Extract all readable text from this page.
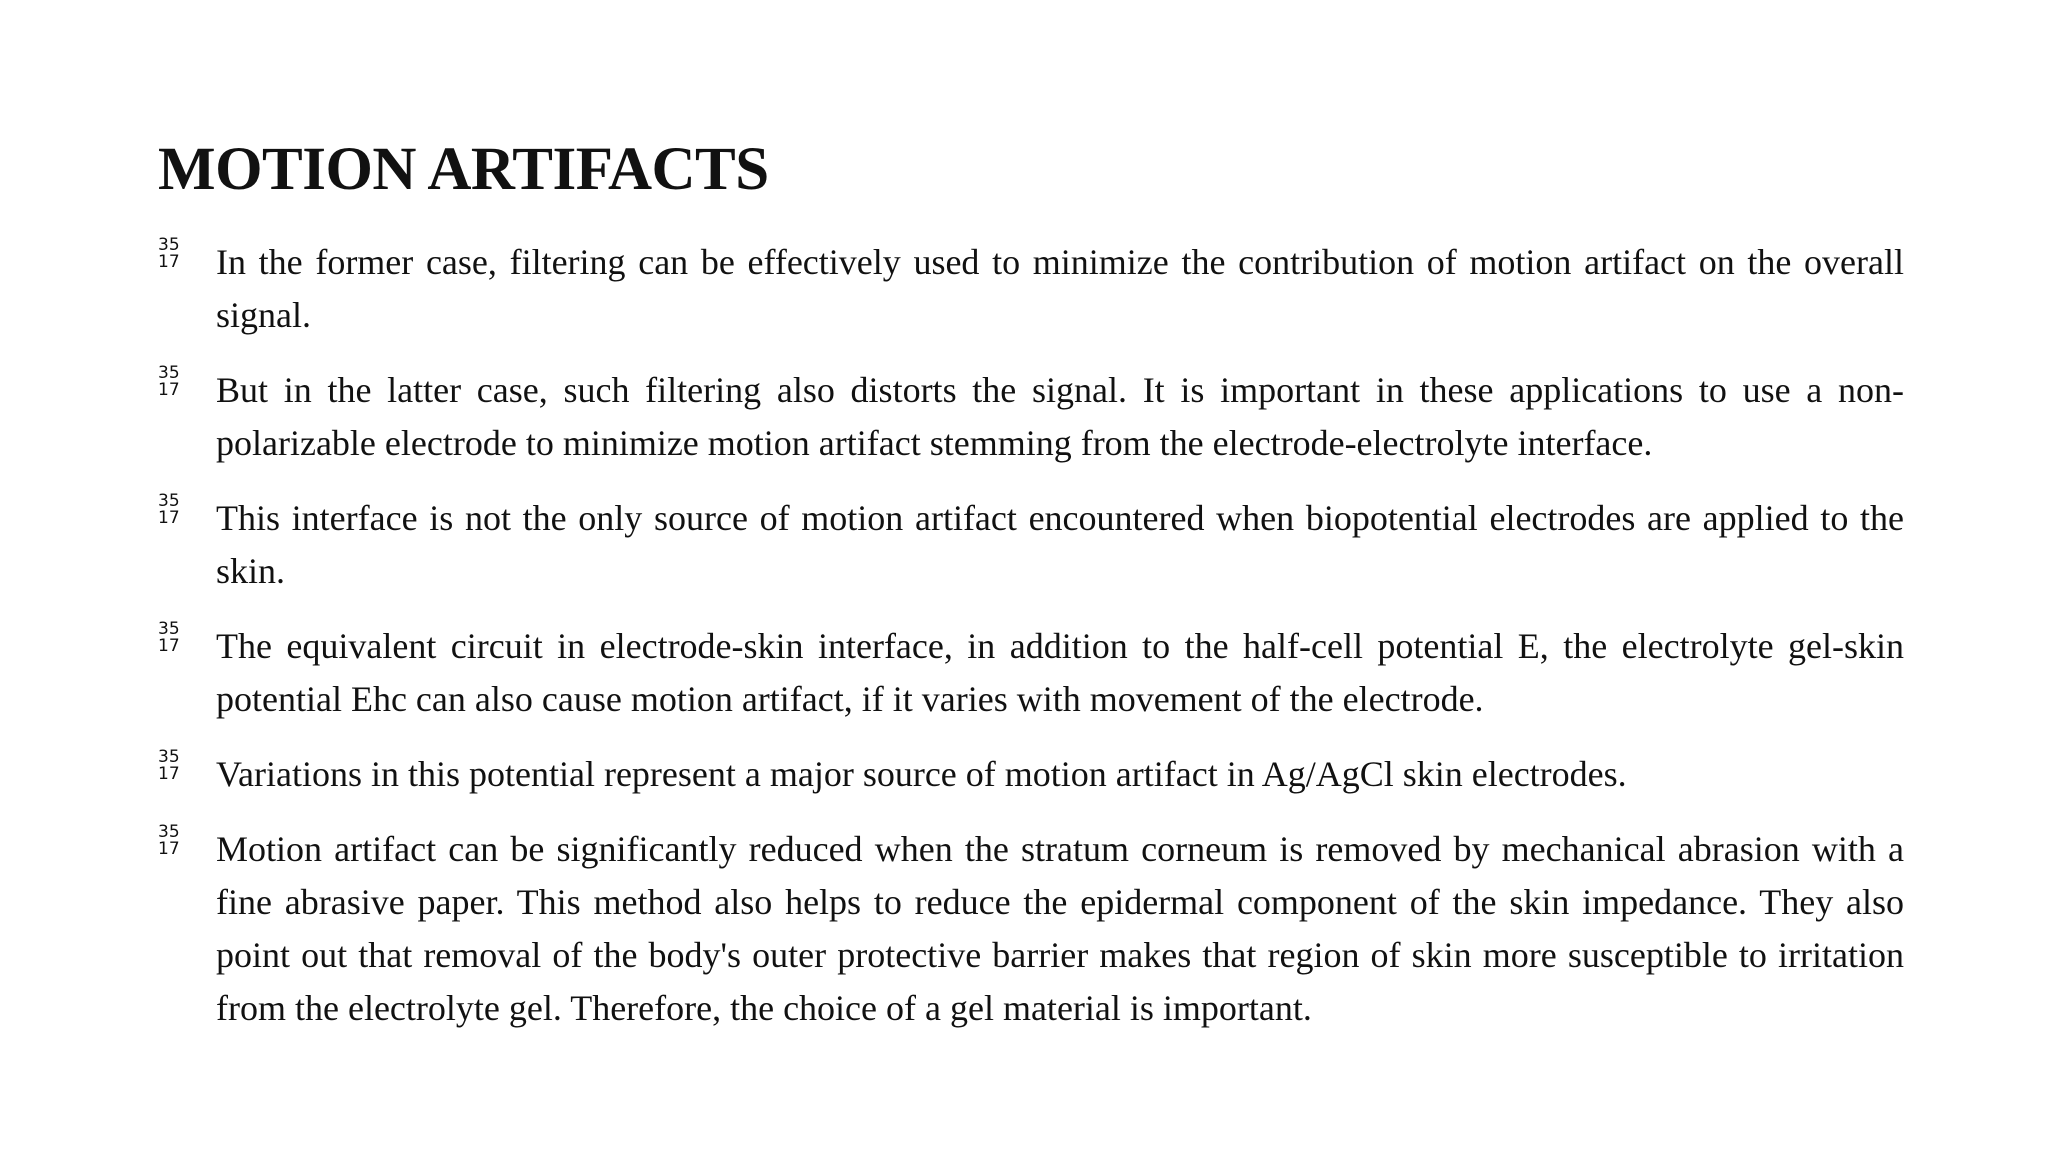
MOTION ARTIFACTS
35
17 In the former case, filtering can be effectively used to minimize the contribution of motion artifact on the overall signal.
35
17 But in the latter case, such filtering also distorts the signal. It is important in these applications to use a non-polarizable electrode to minimize motion artifact stemming from the electrode-electrolyte interface.
35
17 This interface is not the only source of motion artifact encountered when biopotential electrodes are applied to the skin.
35
17 The equivalent circuit in electrode-skin interface, in addition to the half-cell potential E, the electrolyte gel-skin potential Ehc can also cause motion artifact, if it varies with movement of the electrode.
35
17 Variations in this potential represent a major source of motion artifact in Ag/AgCl skin electrodes.
35
17 Motion artifact can be significantly reduced when the stratum corneum is removed by mechanical abrasion with a fine abrasive paper. This method also helps to reduce the epidermal component of the skin impedance. They also point out that removal of the body's outer protective barrier makes that region of skin more susceptible to irritation from the electrolyte gel. Therefore, the choice of a gel material is important.
